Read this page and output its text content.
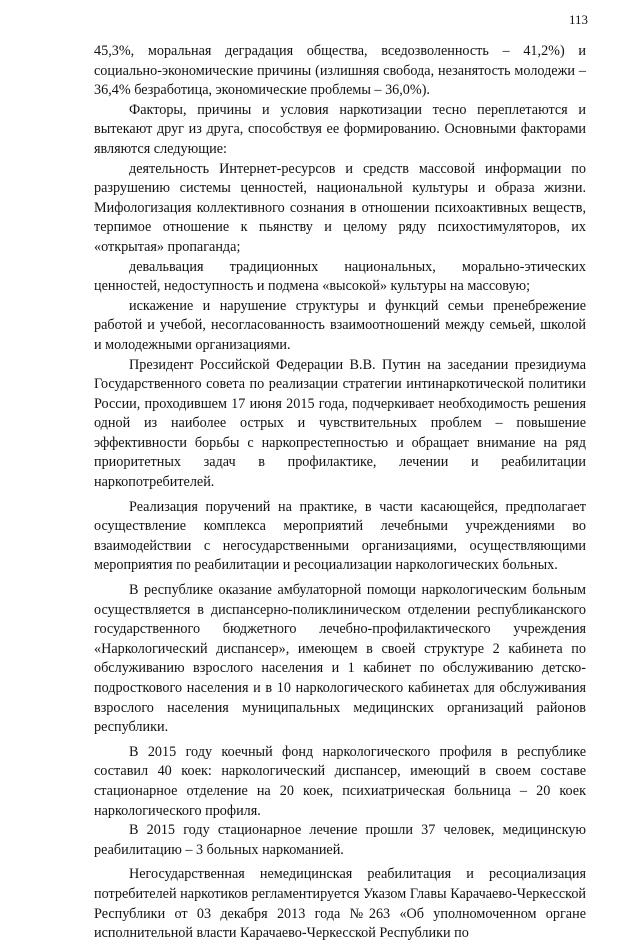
113

45,3%, моральная деградация общества, вседозволенность – 41,2%) и социально-экономические причины (излишняя свобода, незанятость молодежи – 36,4% безработица, экономические проблемы – 36,0%).

Факторы, причины и условия наркотизации тесно переплетаются и вытекают друг из друга, способствуя ее формированию. Основными факторами являются следующие:

деятельность Интернет-ресурсов и средств массовой информации по разрушению системы ценностей, национальной культуры и образа жизни. Мифологизация коллективного сознания в отношении психоактивных веществ, терпимое отношение к пьянству и целому ряду психостимуляторов, их «открытая» пропаганда;

девальвация традиционных национальных, морально-этических ценностей, недоступность и подмена «высокой» культуры на массовую;

искажение и нарушение структуры и функций семьи пренебрежение работой и учебой, несогласованность взаимоотношений между семьей, школой и молодежными организациями.

Президент Российской Федерации В.В. Путин на заседании президиума Государственного совета по реализации стратегии интинаркотической политики России, проходившем 17 июня 2015 года, подчеркивает необходимость решения одной из наиболее острых и чувствительных проблем – повышение эффективности борьбы с наркопрестепностью и обращает внимание на ряд приоритетных задач в профилактике, лечении и реабилитации наркопотребителей.

Реализация поручений на практике, в части касающейся, предполагает осуществление комплекса мероприятий лечебными учреждениями во взаимодействии с негосударственными организациями, осуществляющими мероприятия по реабилитации и ресоциализации наркологических больных.

В республике оказание амбулаторной помощи наркологическим больным осуществляется в диспансерно-поликлиническом отделении республиканского государственного бюджетного лечебно-профилактического учреждения «Наркологический диспансер», имеющем в своей структуре 2 кабинета по обслуживанию взрослого населения и 1 кабинет по обслуживанию детско-подросткового населения и в 10 наркологического кабинетах для обслуживания взрослого населения муниципальных медицинских организаций районов республики.

В 2015 году коечный фонд наркологического профиля в республике составил 40 коек: наркологический диспансер, имеющий в своем составе стационарное отделение на 20 коек, психиатрическая больница – 20 коек наркологического профиля.

В 2015 году стационарное лечение прошли 37 человек, медицинскую реабилитацию – 3 больных наркоманией.

Негосударственная немедицинская реабилитация и ресоциализация потребителей наркотиков регламентируется Указом Главы Карачаево-Черкесской Республики от 03 декабря 2013 года №263 «Об уполномоченном органе исполнительной власти Карачаево-Черкесской Республики по
